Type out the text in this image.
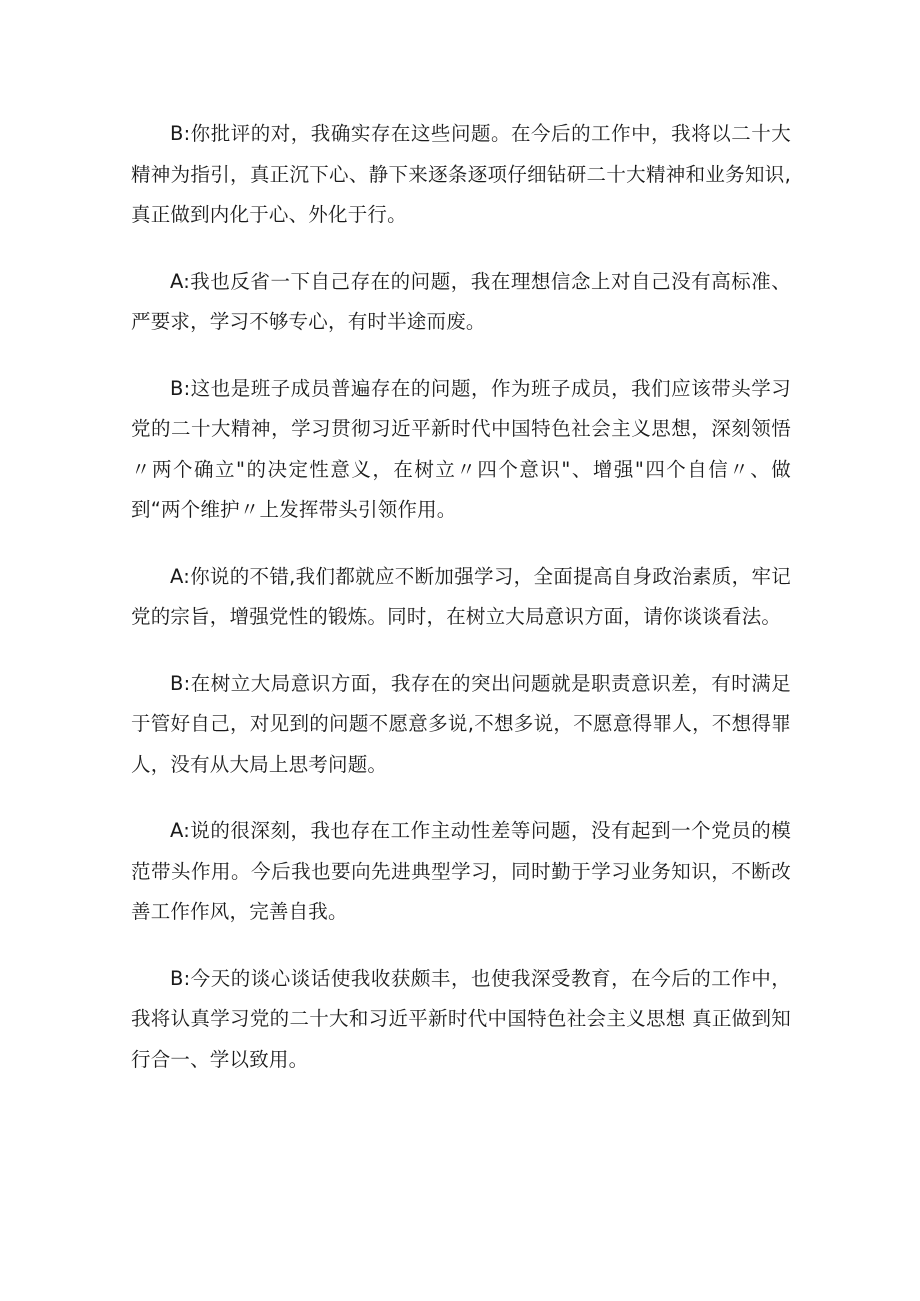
B:你批评的对，我确实存在这些问题。在今后的工作中，我将以二十大精神为指引，真正沉下心、静下来逐条逐项仔细钻研二十大精神和业务知识,真正做到内化于心、外化于行。

A:我也反省一下自己存在的问题，我在理想信念上对自己没有高标准、严要求，学习不够专心，有时半途而废。

B:这也是班子成员普遍存在的问题，作为班子成员，我们应该带头学习党的二十大精神，学习贯彻习近平新时代中国特色社会主义思想，深刻领悟〃两个确立"的决定性意义，在树立〃四个意识"、增强"四个自信〃、做到“两个维护〃上发挥带头引领作用。

A:你说的不错,我们都就应不断加强学习，全面提高自身政治素质，牢记党的宗旨，增强党性的锻炼。同时，在树立大局意识方面，请你谈谈看法。

B:在树立大局意识方面，我存在的突出问题就是职责意识差，有时满足于管好自己，对见到的问题不愿意多说,不想多说，不愿意得罪人，不想得罪人，没有从大局上思考问题。

A:说的很深刻，我也存在工作主动性差等问题，没有起到一个党员的模范带头作用。今后我也要向先进典型学习，同时勤于学习业务知识，不断改善工作作风，完善自我。

B:今天的谈心谈话使我收获颇丰，也使我深受教育，在今后的工作中，我将认真学习党的二十大和习近平新时代中国特色社会主义思想 真正做到知行合一、学以致用。
